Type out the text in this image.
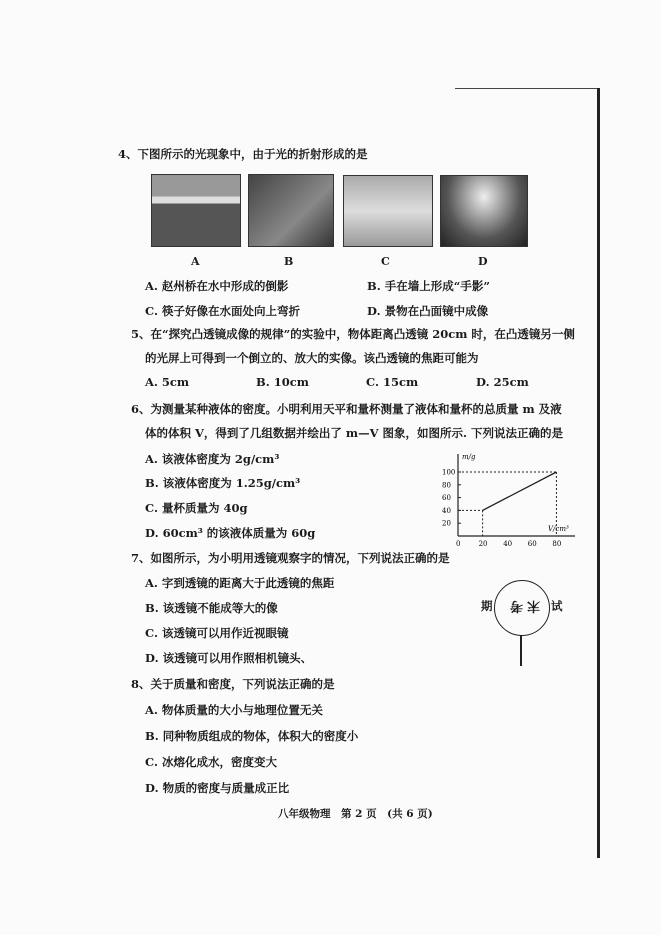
4、下图所示的光现象中，由于光的折射形成的是
A	B	C	D
A. 赵州桥在水中形成的倒影	B. 手在墙上形成“手影”
C. 筷子好像在水面处向上弯折	D. 景物在凸面镜中成像
5、在“探究凸透镜成像的规律”的实验中，物体距离凸透镜 20cm 时，在凸透镜另一侧
的光屏上可得到一个倒立的、放大的实像。该凸透镜的焦距可能为
A. 5cm	B. 10cm	C. 15cm	D. 25cm
6、为测量某种液体的密度。小明利用天平和量杯测量了液体和量杯的总质量 m 及液
体的体积 V，得到了几组数据并绘出了 m—V 图象，如图所示. 下列说法正确的是
A. 该液体密度为 2g/cm³
B. 该液体密度为 1.25g/cm³
C. 量杯质量为 40g
D. 60cm³ 的该液体质量为 60g
m/g
V/cm³
20
40
60
80
100
0	20 40 60 80
7、如图所示，为小明用透镜观察字的情况，下列说法正确的是
A. 字到透镜的距离大于此透镜的焦距
B. 该透镜不能成等大的像
C. 该透镜可以用作近视眼镜
D. 该透镜可以用作照相机镜头、
期 末考 试
8、关于质量和密度，下列说法正确的是
A. 物体质量的大小与地理位置无关
B. 同种物质组成的物体，体积大的密度小
C. 冰熔化成水，密度变大
D. 物质的密度与质量成正比
八年级物理　第 2 页　(共 6 页)
